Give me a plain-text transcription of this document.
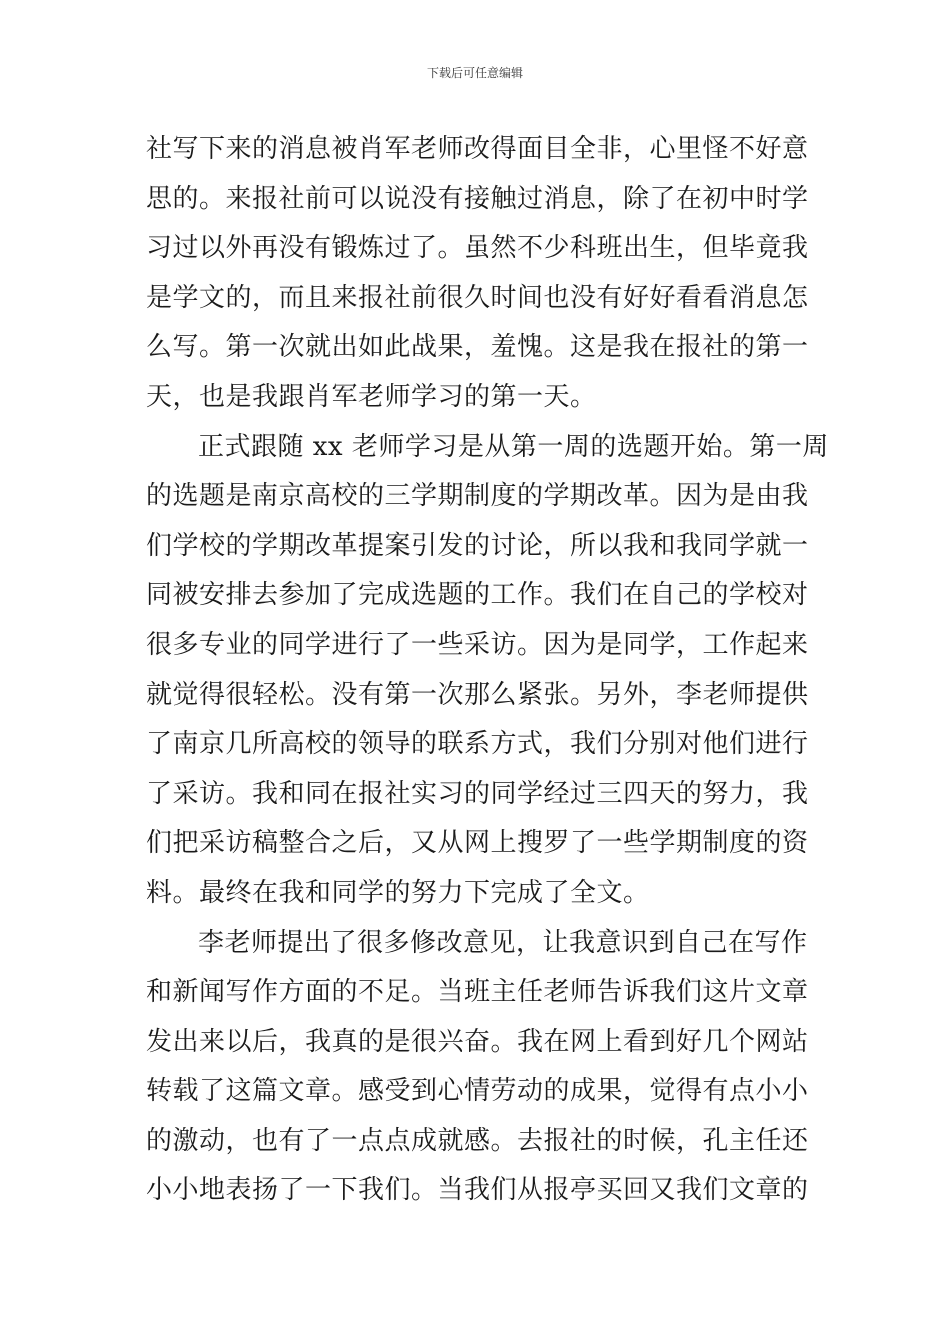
下载后可任意编辑
社写下来的消息被肖军老师改得面目全非，心里怪不好意
思的。来报社前可以说没有接触过消息，除了在初中时学
习过以外再没有锻炼过了。虽然不少科班出生，但毕竟我
是学文的，而且来报社前很久时间也没有好好看看消息怎
么写。第一次就出如此战果，羞愧。这是我在报社的第一
天，也是我跟肖军老师学习的第一天。
正式跟随 xx 老师学习是从第一周的选题开始。第一周
的选题是南京高校的三学期制度的学期改革。因为是由我
们学校的学期改革提案引发的讨论，所以我和我同学就一
同被安排去参加了完成选题的工作。我们在自己的学校对
很多专业的同学进行了一些采访。因为是同学，工作起来
就觉得很轻松。没有第一次那么紧张。另外，李老师提供
了南京几所高校的领导的联系方式，我们分别对他们进行
了采访。我和同在报社实习的同学经过三四天的努力，我
们把采访稿整合之后，又从网上搜罗了一些学期制度的资
料。最终在我和同学的努力下完成了全文。
李老师提出了很多修改意见，让我意识到自己在写作
和新闻写作方面的不足。当班主任老师告诉我们这片文章
发出来以后，我真的是很兴奋。我在网上看到好几个网站
转载了这篇文章。感受到心情劳动的成果，觉得有点小小
的激动，也有了一点点成就感。去报社的时候，孔主任还
小小地表扬了一下我们。当我们从报亭买回又我们文章的
